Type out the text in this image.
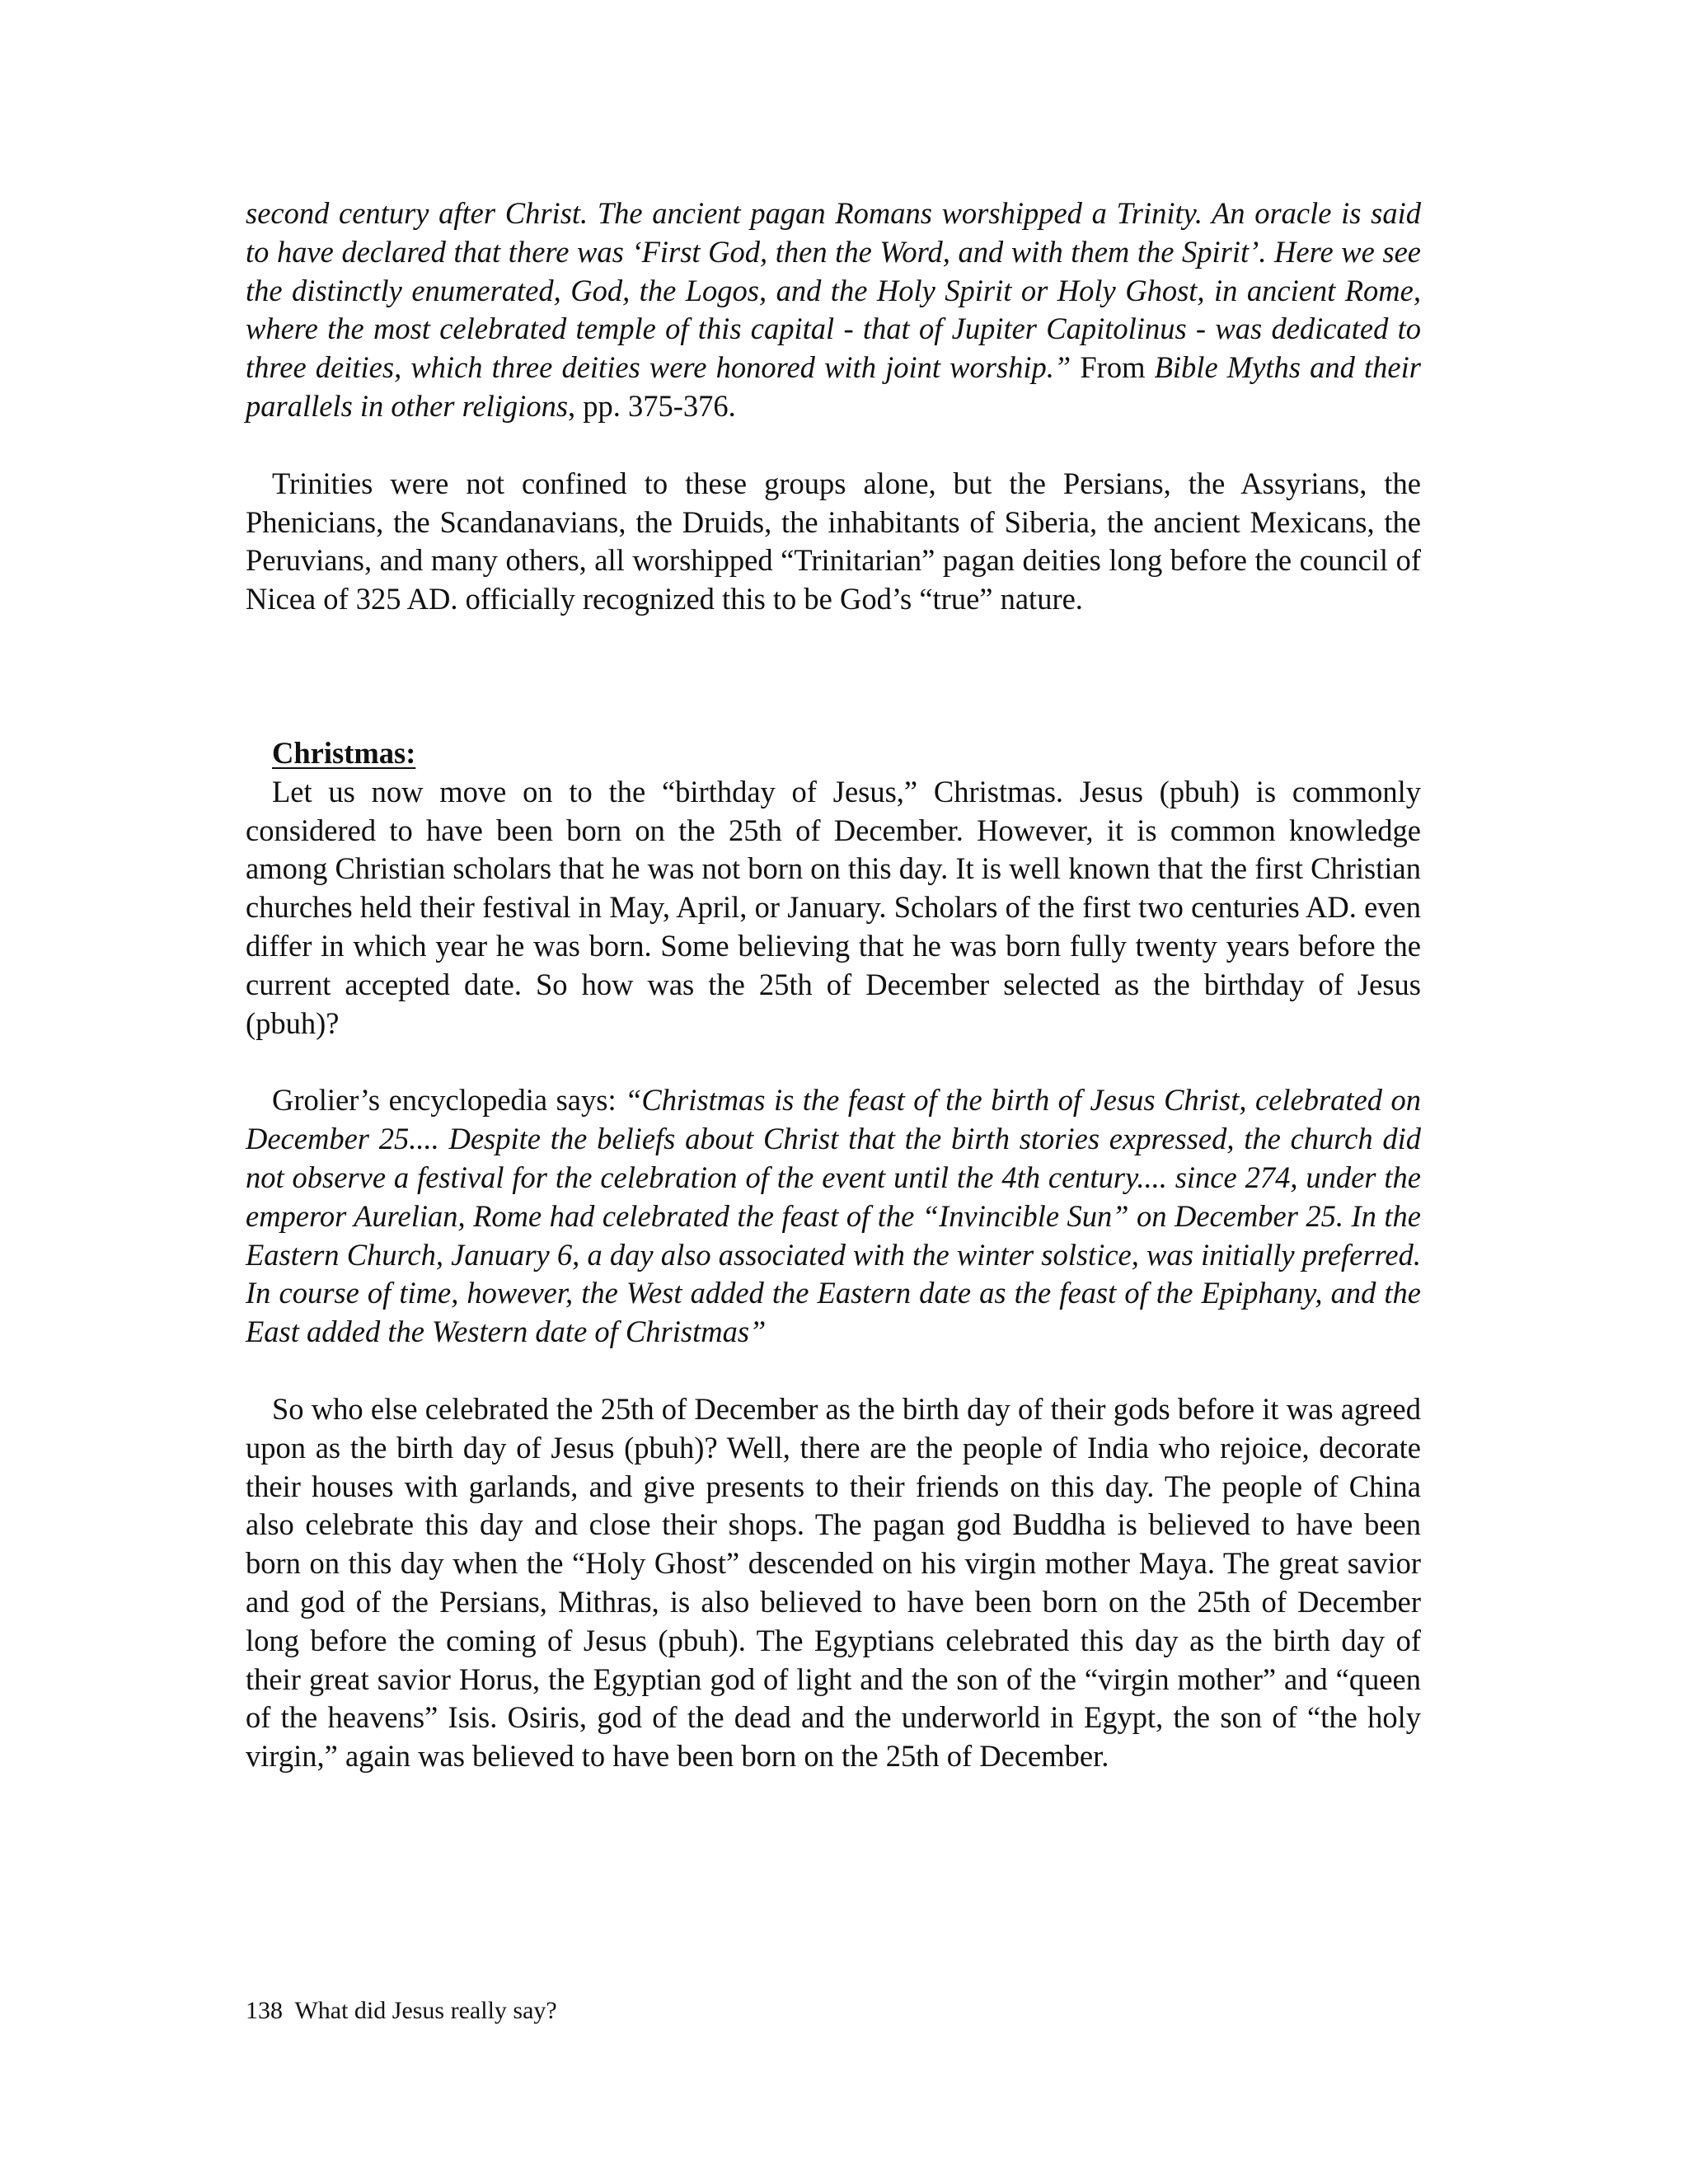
second century after Christ. The ancient pagan Romans worshipped a Trinity. An oracle is said to have declared that there was ‘First God, then the Word, and with them the Spirit’. Here we see the distinctly enumerated, God, the Logos, and the Holy Spirit or Holy Ghost, in ancient Rome, where the most celebrated temple of this capital - that of Jupiter Capitolinus - was dedicated to three deities, which three deities were honored with joint worship.” From Bible Myths and their parallels in other religions, pp. 375-376.

Trinities were not confined to these groups alone, but the Persians, the Assyrians, the Phenicians, the Scandanavians, the Druids, the inhabitants of Siberia, the ancient Mexicans, the Peruvians, and many others, all worshipped “Trinitarian” pagan deities long before the council of Nicea of 325 AD. officially recognized this to be God’s “true” nature.

Christmas:

Let us now move on to the “birthday of Jesus,” Christmas. Jesus (pbuh) is commonly considered to have been born on the 25th of December. However, it is common knowledge among Christian scholars that he was not born on this day. It is well known that the first Christian churches held their festival in May, April, or January. Scholars of the first two centuries AD. even differ in which year he was born. Some believing that he was born fully twenty years before the current accepted date. So how was the 25th of December selected as the birthday of Jesus (pbuh)?

Grolier’s encyclopedia says: “Christmas is the feast of the birth of Jesus Christ, celebrated on December 25.... Despite the beliefs about Christ that the birth stories expressed, the church did not observe a festival for the celebration of the event until the 4th century.... since 274, under the emperor Aurelian, Rome had celebrated the feast of the “Invincible Sun” on December 25. In the Eastern Church, January 6, a day also associated with the winter solstice, was initially preferred. In course of time, however, the West added the Eastern date as the feast of the Epiphany, and the East added the Western date of Christmas”

So who else celebrated the 25th of December as the birth day of their gods before it was agreed upon as the birth day of Jesus (pbuh)? Well, there are the people of India who rejoice, decorate their houses with garlands, and give presents to their friends on this day. The people of China also celebrate this day and close their shops. The pagan god Buddha is believed to have been born on this day when the “Holy Ghost” descended on his virgin mother Maya. The great savior and god of the Persians, Mithras, is also believed to have been born on the 25th of December long before the coming of Jesus (pbuh). The Egyptians celebrated this day as the birth day of their great savior Horus, the Egyptian god of light and the son of the “virgin mother” and “queen of the heavens” Isis. Osiris, god of the dead and the underworld in Egypt, the son of “the holy virgin,” again was believed to have been born on the 25th of December.

138 What did Jesus really say?
